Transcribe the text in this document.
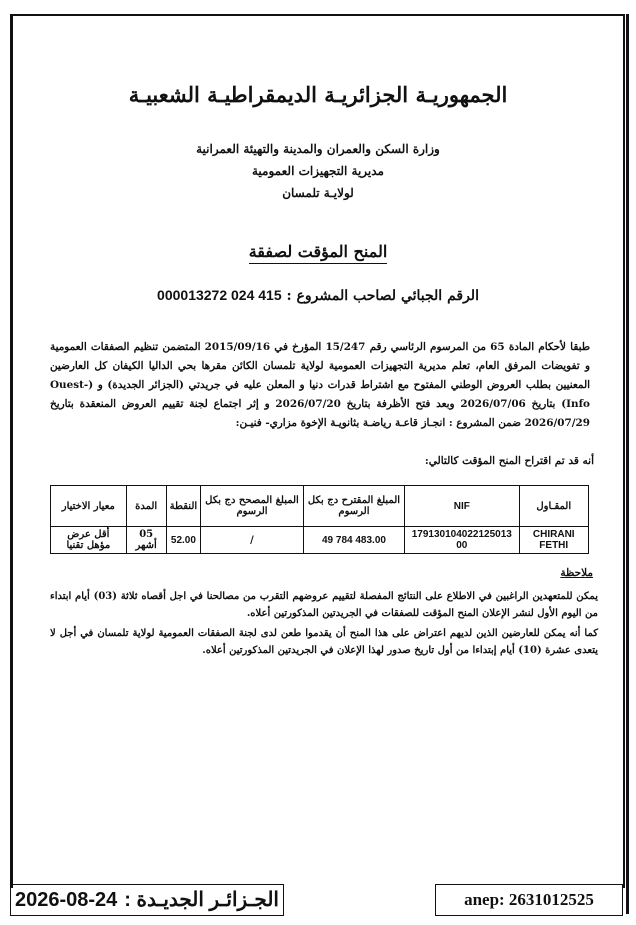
الجمهوريـة الجزائريـة الديمقراطيـة الشعبيـة
وزارة السكن والعمران والمدينة والتهيئة العمرانية
مديرية التجهيزات العمومية
لولايـة تلمسان
المنح المؤقت لصفقة
الرقم الجبائي لصاحب المشروع : 415 024 000013272
طبقا لأحكام المادة 65 من المرسوم الرئاسي رقم 15/247 المؤرخ في 2015/09/16 المتضمن تنظيم الصفقات العمومية و تفويضات المرفق العام، تعلم مديرية التجهيزات العمومية لولاية تلمسان الكائن مقرها بحي الداليا الكيفان كل العارضين المعنيين بطلب العروض الوطني المفتوح مع اشتراط قدرات دنيا و المعلن عليه في جريدتي (الجزائر الجديدة) و (Ouest- Info) بتاريخ 2026/07/06 وبعد فتح الأظرفة بتاريخ 2026/07/20 و إثر اجتماع لجنة تقييم العروض المنعقدة بتاريخ 2026/07/29 ضمن المشروع : انجـاز قاعـة رياضـة بثانويـة الإخوة مزاري- فنيـن:
أنه قد تم اقتراح المنح المؤقت كالتالي:
المقـاول	NIF	المبلغ المقترح دج بكل الرسوم	المبلغ المصحح دج بكل الرسوم	النقطة	المدة	معيار الاختيار
CHIRANI FETHI	179130104022125013​00	49 784 483.00	/	52.00	05 أشهر	أقل عرض مؤهل تقنيا
ملاحظة

يمكن للمتعهدين الراغبين في الاطلاع على النتائج المفصلة لتقييم عروضهم التقرب من مصالحنا في اجل أقصاه ثلاثة (03) أيام ابتداء من اليوم الأول لنشر الإعلان المنح المؤقت للصفقات في الجريدتين المذكورتين أعلاه.

كما أنه يمكن للعارضين الذين لديهم اعتراض على هذا المنح أن يقدموا طعن لدى لجنة الصفقات العمومية لولاية تلمسان في أجل لا يتعدى عشرة (10) أيام إبتداءا من أول تاريخ صدور لهذا الإعلان في الجريدتين المذكورتين أعلاه.

2026-08-24 الجـزائـر الجديـدة :	anep: 2631012525
